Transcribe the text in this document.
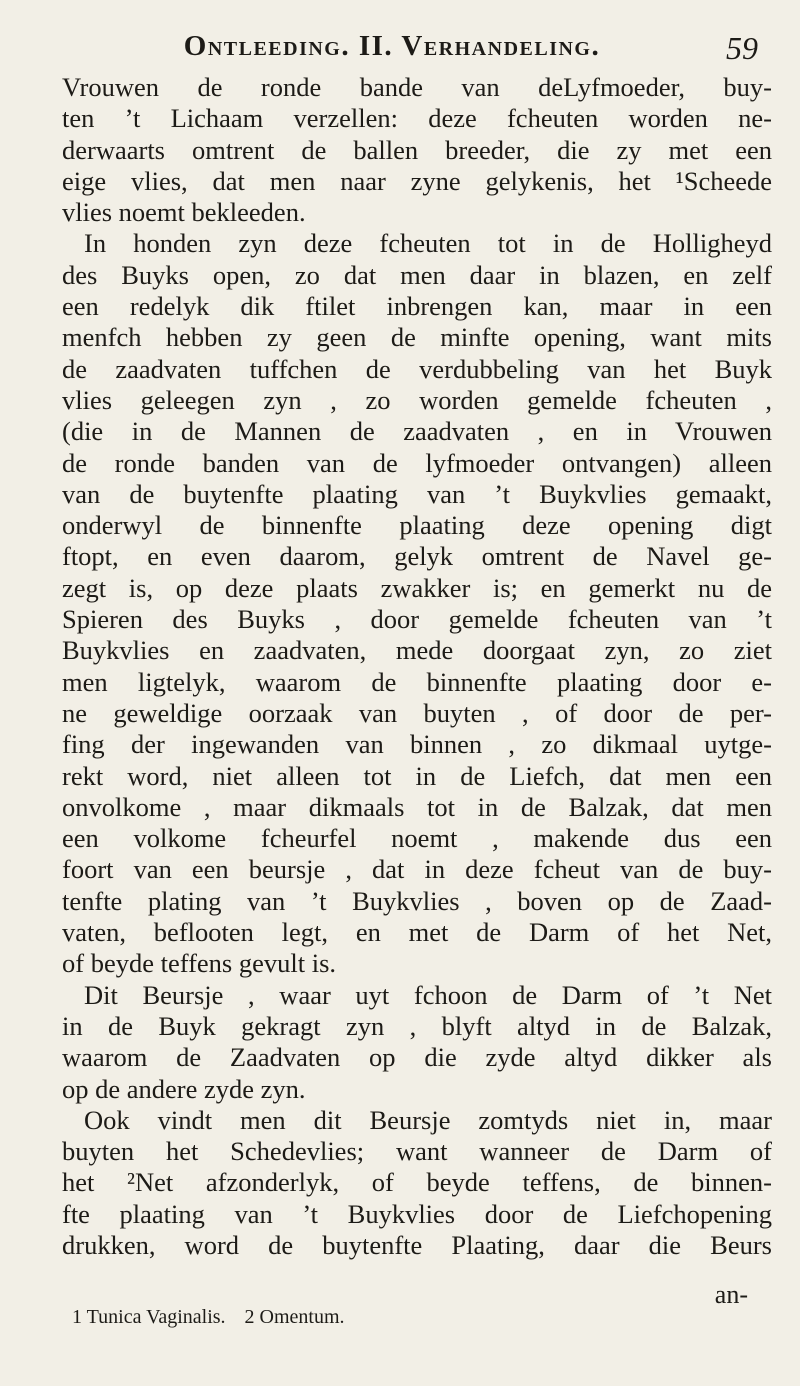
Ontleeding. II. Verhandeling.	59
Vrouwen de ronde bande van deLyfmoeder, buy-
ten ’t Lichaam verzellen: deze fcheuten worden ne-
derwaarts omtrent de ballen breeder, die zy met een
eige vlies, dat men naar zyne gelykenis, het ¹Scheede
vlies noemt bekleeden.
In honden zyn deze fcheuten tot in de Holligheyd
des Buyks open, zo dat men daar in blazen, en zelf
een redelyk dik ftilet inbrengen kan, maar in een
menfch hebben zy geen de minfte opening, want mits
de zaadvaten tuffchen de verdubbeling van het Buyk
vlies geleegen zyn , zo worden gemelde fcheuten ,
(die in de Mannen de zaadvaten , en in Vrouwen
de ronde banden van de lyfmoeder ontvangen) alleen
van de buytenfte plaating van ’t Buykvlies gemaakt,
onderwyl de binnenfte plaating deze opening digt
ftopt, en even daarom, gelyk omtrent de Navel ge-
zegt is, op deze plaats zwakker is; en gemerkt nu de
Spieren des Buyks , door gemelde fcheuten van ’t
Buykvlies en zaadvaten, mede doorgaat zyn, zo ziet
men ligtelyk, waarom de binnenfte plaating door e-
ne geweldige oorzaak van buyten , of door de per-
fing der ingewanden van binnen , zo dikmaal uytge-
rekt word, niet alleen tot in de Liefch, dat men een
onvolkome , maar dikmaals tot in de Balzak, dat men
een volkome fcheurfel noemt , makende dus een
foort van een beursje , dat in deze fcheut van de buy-
tenfte plating van ’t Buykvlies , boven op de Zaad-
vaten, beflooten legt, en met de Darm of het Net,
of beyde teffens gevult is.
Dit Beursje , waar uyt fchoon de Darm of ’t Net
in de Buyk gekragt zyn , blyft altyd in de Balzak,
waarom de Zaadvaten op die zyde altyd dikker als
op de andere zyde zyn.
Ook vindt men dit Beursje zomtyds niet in, maar
buyten het Schedevlies; want wanneer de Darm of
het ²Net afzonderlyk, of beyde teffens, de binnen-
fte plaating van ’t Buykvlies door de Liefchopening
drukken, word de buytenfte Plaating, daar die Beurs
an-
1 Tunica Vaginalis. 2 Omentum.
